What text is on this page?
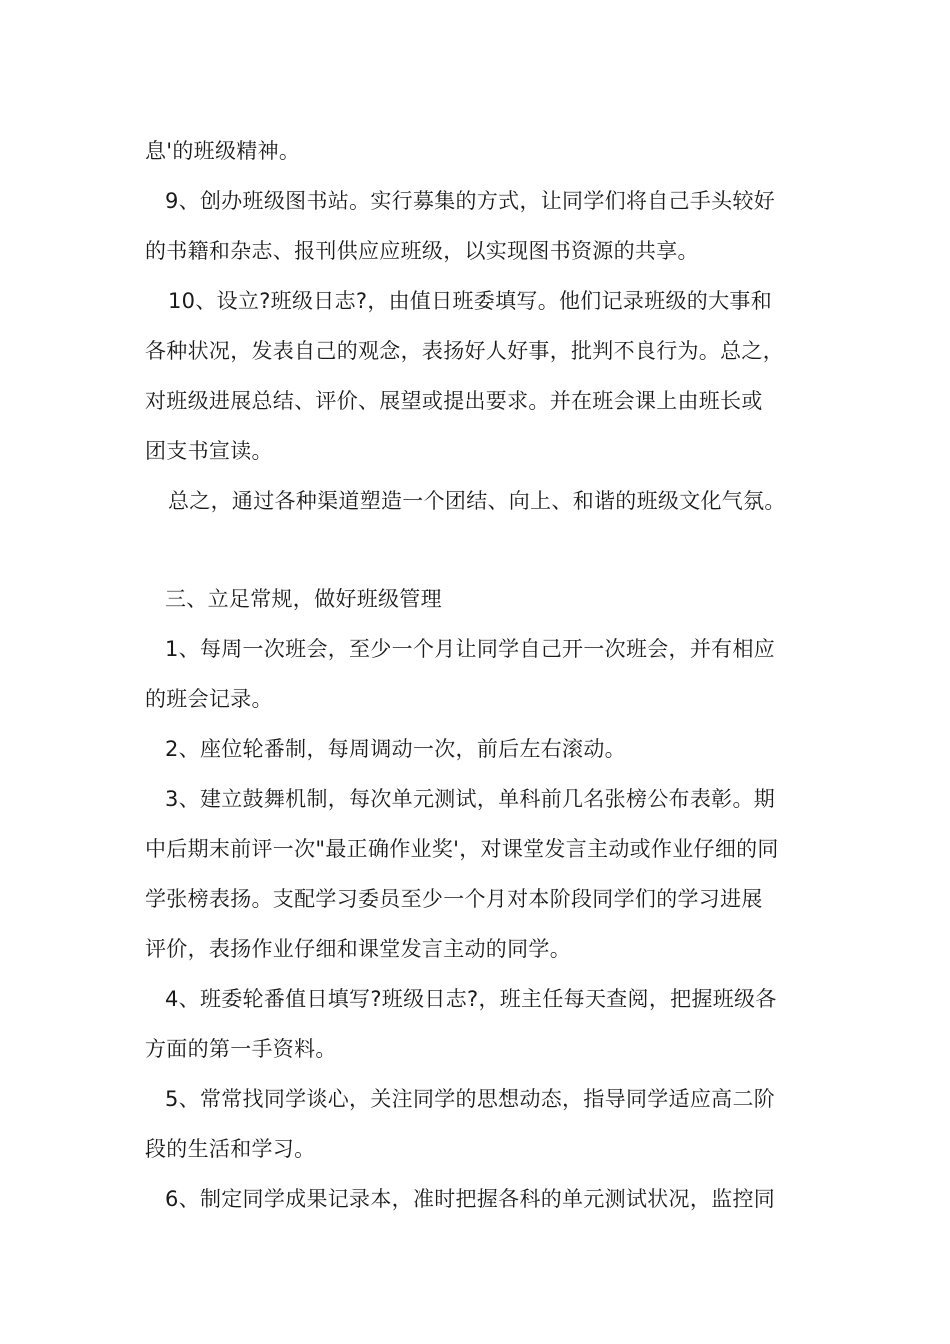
息'的班级精神。
9、创办班级图书站。实行募集的方式，让同学们将自己手头较好
的书籍和杂志、报刊供应应班级，以实现图书资源的共享。
10、设立?班级日志?，由值日班委填写。他们记录班级的大事和
各种状况，发表自己的观念，表扬好人好事，批判不良行为。总之，
对班级进展总结、评价、展望或提出要求。并在班会课上由班长或
团支书宣读。
总之，通过各种渠道塑造一个团结、向上、和谐的班级文化气氛。
三、立足常规，做好班级管理
1、每周一次班会，至少一个月让同学自己开一次班会，并有相应
的班会记录。
2、座位轮番制，每周调动一次，前后左右滚动。
3、建立鼓舞机制，每次单元测试，单科前几名张榜公布表彰。期
中后期末前评一次"最正确作业奖'，对课堂发言主动或作业仔细的同
学张榜表扬。支配学习委员至少一个月对本阶段同学们的学习进展
评价，表扬作业仔细和课堂发言主动的同学。
4、班委轮番值日填写?班级日志?，班主任每天查阅，把握班级各
方面的第一手资料。
5、常常找同学谈心，关注同学的思想动态，指导同学适应高二阶
段的生活和学习。
6、制定同学成果记录本，准时把握各科的单元测试状况，监控同
